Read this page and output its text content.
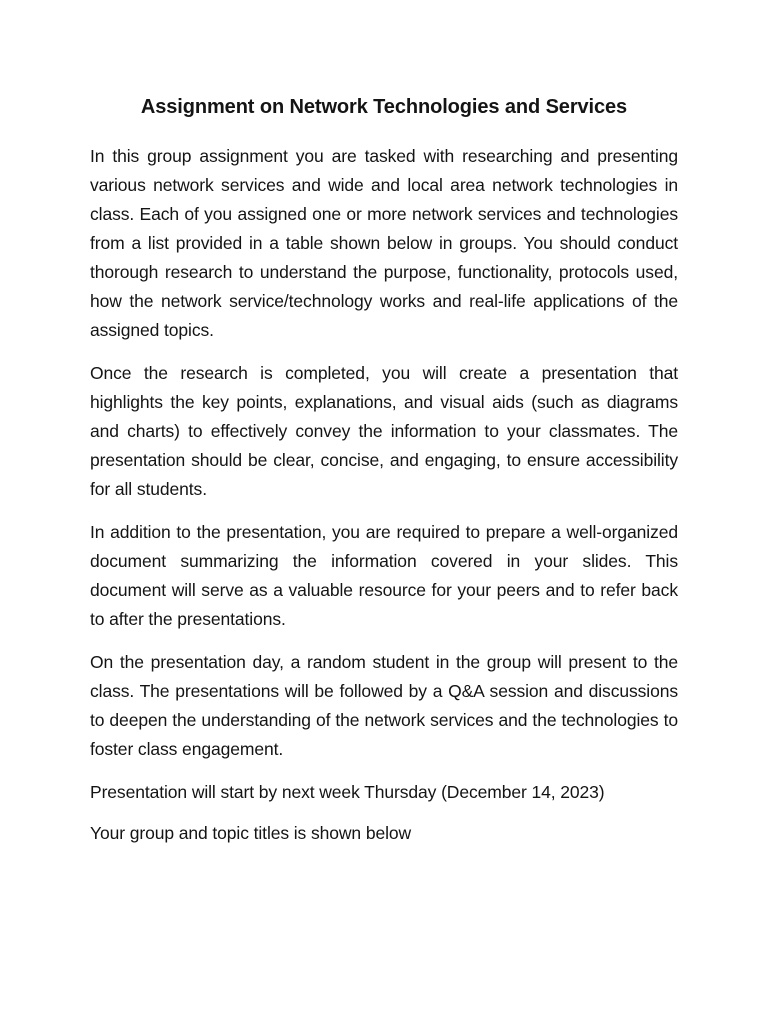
Assignment on Network Technologies and Services

In this group assignment you are tasked with researching and presenting various network services and wide and local area network technologies in class. Each of you assigned one or more network services and technologies from a list provided in a table shown below in groups. You should conduct thorough research to understand the purpose, functionality, protocols used, how the network service/technology works and real-life applications of the assigned topics.

Once the research is completed, you will create a presentation that highlights the key points, explanations, and visual aids (such as diagrams and charts) to effectively convey the information to your classmates. The presentation should be clear, concise, and engaging, to ensure accessibility for all students.

In addition to the presentation, you are required to prepare a well-organized document summarizing the information covered in your slides. This document will serve as a valuable resource for your peers and to refer back to after the presentations.

On the presentation day, a random student in the group will present to the class. The presentations will be followed by a Q&A session and discussions to deepen the understanding of the network services and the technologies to foster class engagement.

Presentation will start by next week Thursday (December 14, 2023)

Your group and topic titles is shown below
